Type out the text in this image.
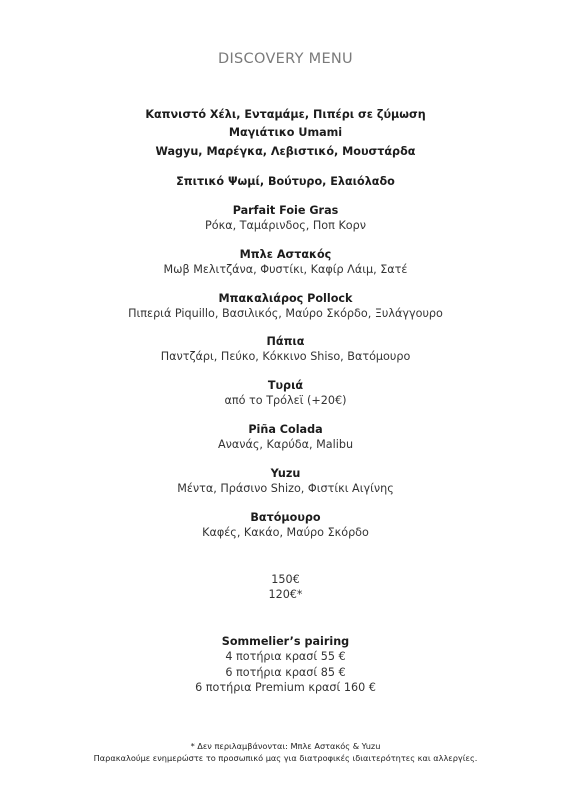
DISCOVERY MENU
Καπνιστό Χέλι, Ενταμάμε, Πιπέρι σε ζύμωση
Μαγιάτικο Umami
Wagyu, Μαρέγκα, Λεβιστικό, Μουστάρδα
Σπιτικό Ψωμί, Βούτυρο, Ελαιόλαδο
Parfait Foie Gras
Ρόκα, Ταμάρινδος, Ποπ Κορν
Μπλε Αστακός
Μωβ Μελιτζάνα, Φυστίκι, Καφίρ Λάιμ, Σατέ
Μπακαλιάρος Pollock
Πιπεριά Piquillo, Βασιλικός, Μαύρο Σκόρδο, Ξυλάγγουρο
Πάπια
Παντζάρι, Πεύκο, Κόκκινο Shiso, Βατόμουρο
Τυριά
από το Τρόλεϊ (+20€)
Piña Colada
Ανανάς, Καρύδα, Malibu
Yuzu
Μέντα, Πράσινο Shizo, Φιστίκι Αιγίνης
Βατόμουρο
Καφές, Κακάο, Μαύρο Σκόρδο
150€
120€*
Sommelier’s pairing
4 ποτήρια κρασί 55 €
6 ποτήρια κρασί 85 €
6 ποτήρια Premium κρασί 160 €
* Δεν περιλαμβάνονται: Μπλε Αστακός & Yuzu
Παρακαλούμε ενημερώστε το προσωπικό μας για διατροφικές ιδιαιτερότητες και αλλεργίες.
